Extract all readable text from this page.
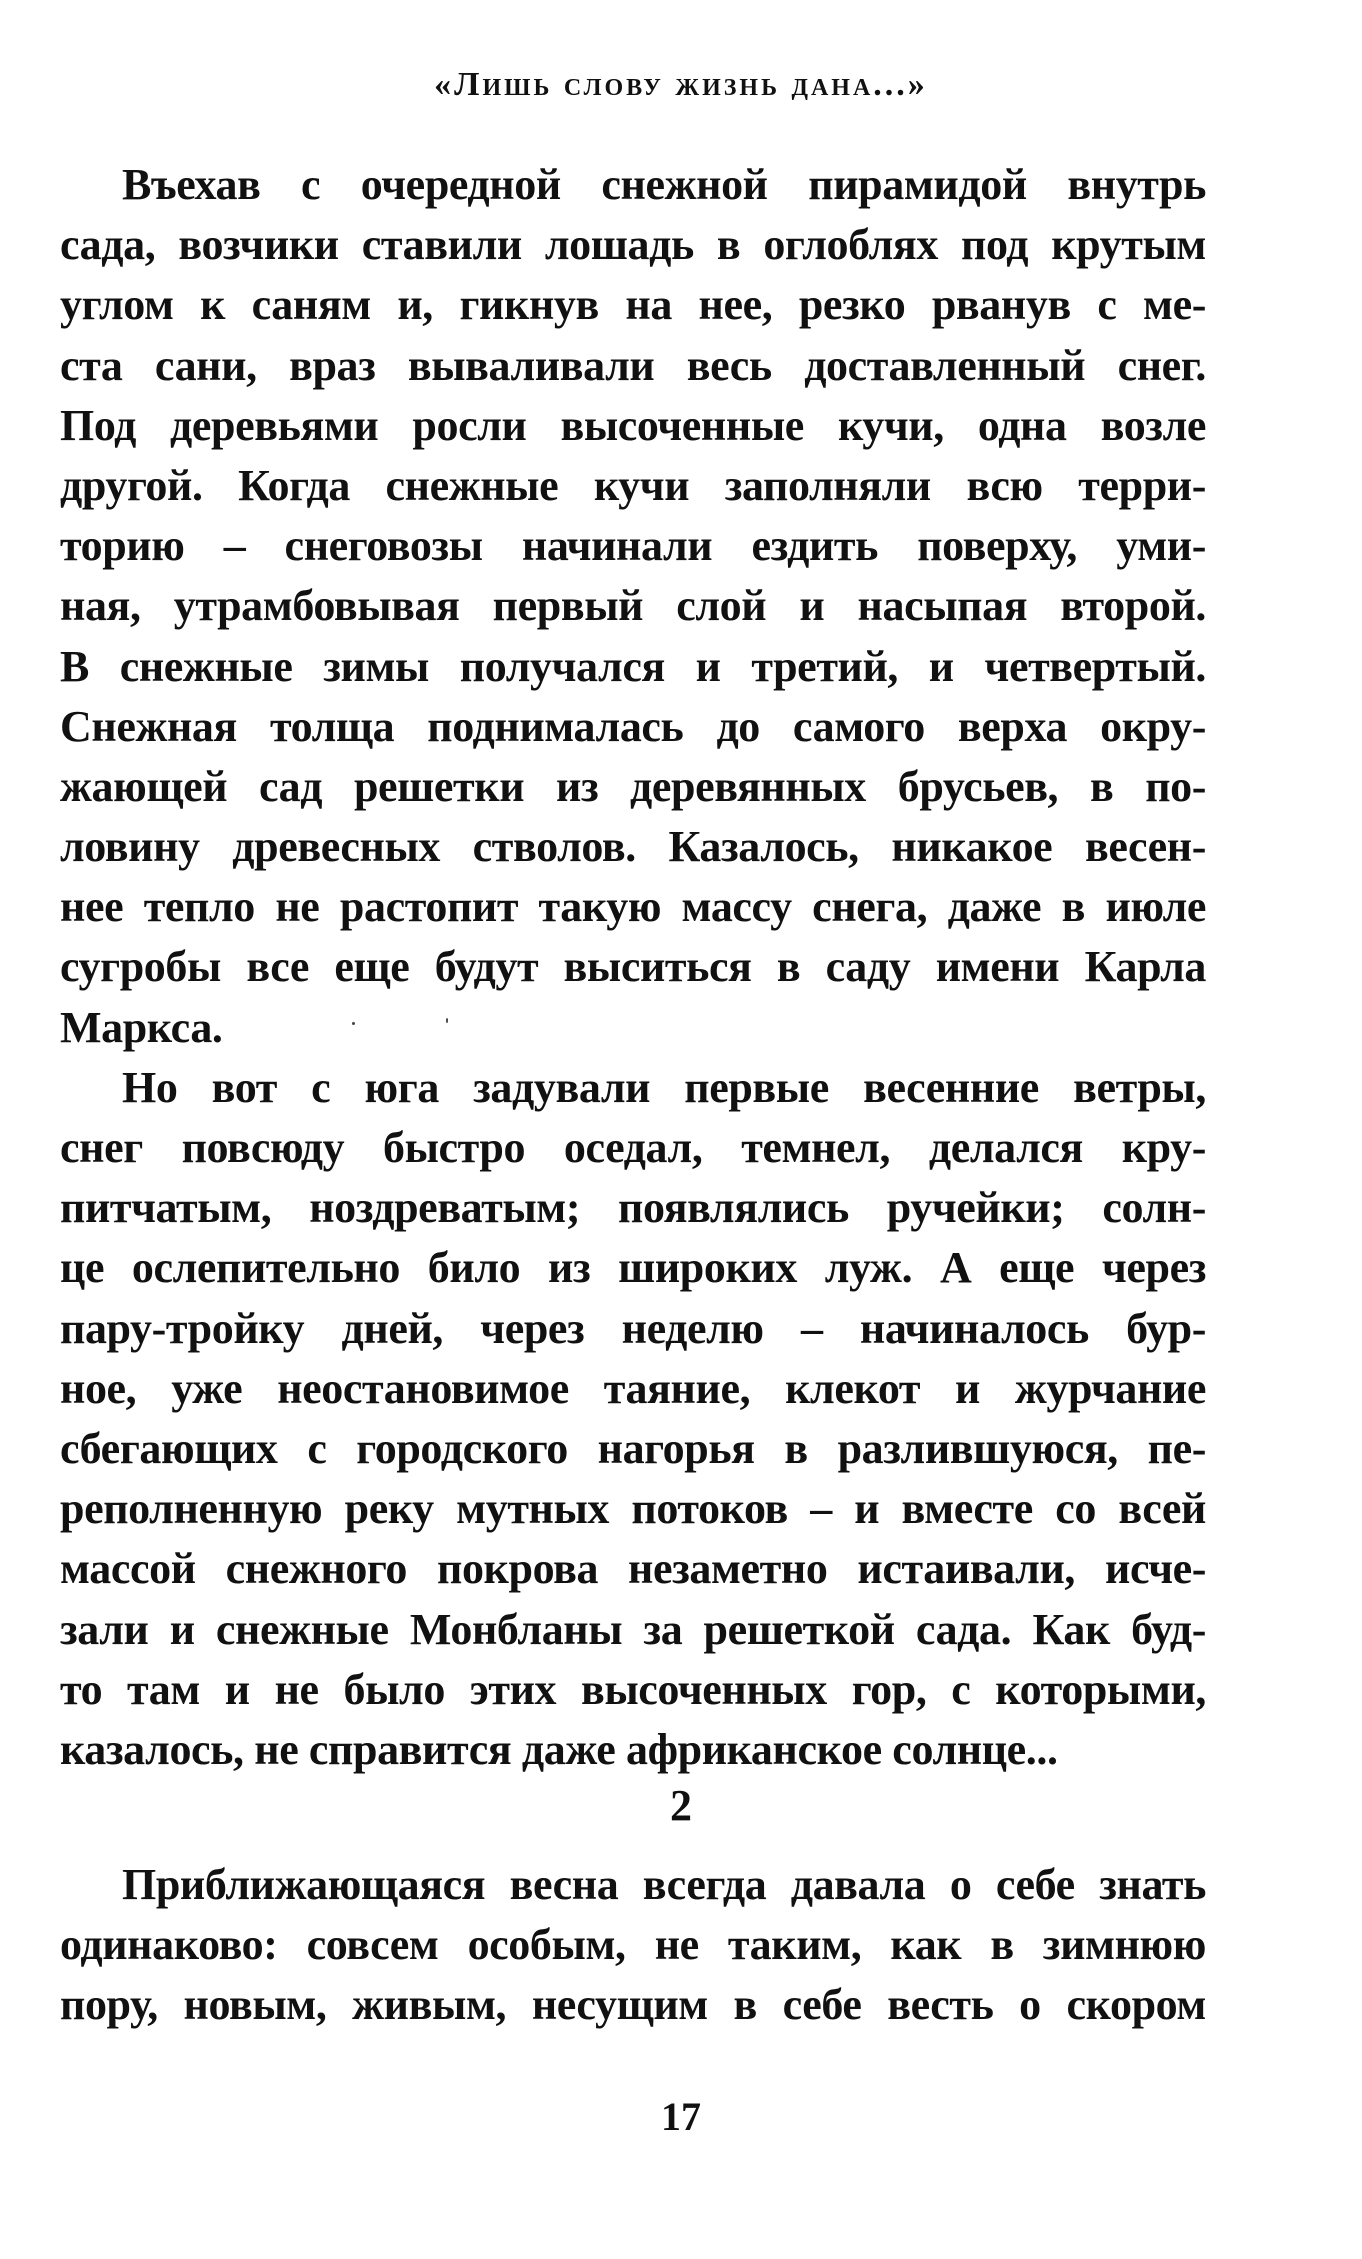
«Лишь слову жизнь дана...»
Въехав с очередной снежной пирамидой внутрь
сада, возчики ставили лошадь в оглоблях под крутым
углом к саням и, гикнув на нее, резко рванув с ме-
ста сани, враз вываливали весь доставленный снег.
Под деревьями росли высоченные кучи, одна возле
другой. Когда снежные кучи заполняли всю терри-
торию – снеговозы начинали ездить поверху, уми-
ная, утрамбовывая первый слой и насыпая второй.
В снежные зимы получался и третий, и четвертый.
Снежная толща поднималась до самого верха окру-
жающей сад решетки из деревянных брусьев, в по-
ловину древесных стволов. Казалось, никакое весен-
нее тепло не растопит такую массу снега, даже в июле
сугробы все еще будут выситься в саду имени Карла
Маркса.
Но вот с юга задували первые весенние ветры,
снег повсюду быстро оседал, темнел, делался кру-
питчатым, ноздреватым; появлялись ручейки; солн-
це ослепительно било из широких луж. А еще через
пару-тройку дней, через неделю – начиналось бур-
ное, уже неостановимое таяние, клекот и журчание
сбегающих с городского нагорья в разлившуюся, пе-
реполненную реку мутных потоков – и вместе со всей
массой снежного покрова незаметно истаивали, исче-
зали и снежные Монбланы за решеткой сада. Как буд-
то там и не было этих высоченных гор, с которыми,
казалось, не справится даже африканское солнце...
2
Приближающаяся весна всегда давала о себе знать
одинаково: совсем особым, не таким, как в зимнюю
пору, новым, живым, несущим в себе весть о скором
17
